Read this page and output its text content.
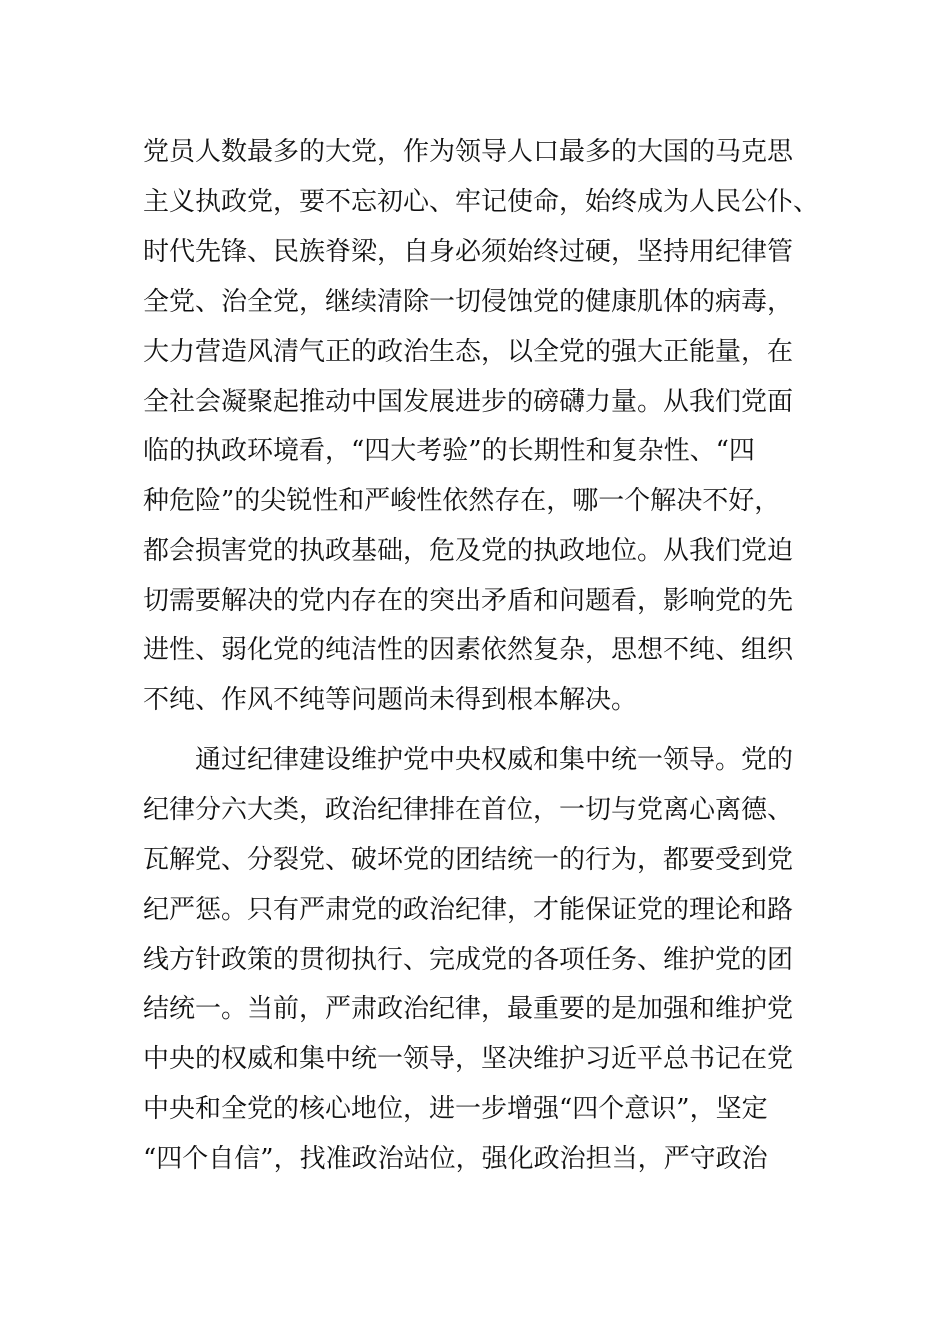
党员人数最多的大党，作为领导人口最多的大国的马克思
主义执政党，要不忘初心、牢记使命，始终成为人民公仆、
时代先锋、民族脊梁，自身必须始终过硬，坚持用纪律管
全党、治全党，继续清除一切侵蚀党的健康肌体的病毒，
大力营造风清气正的政治生态，以全党的强大正能量，在
全社会凝聚起推动中国发展进步的磅礴力量。从我们党面
临的执政环境看，“四大考验”的长期性和复杂性、“四
种危险”的尖锐性和严峻性依然存在，哪一个解决不好，
都会损害党的执政基础，危及党的执政地位。从我们党迫
切需要解决的党内存在的突出矛盾和问题看，影响党的先
进性、弱化党的纯洁性的因素依然复杂，思想不纯、组织
不纯、作风不纯等问题尚未得到根本解决。
通过纪律建设维护党中央权威和集中统一领导。党的
纪律分六大类，政治纪律排在首位，一切与党离心离德、
瓦解党、分裂党、破坏党的团结统一的行为，都要受到党
纪严惩。只有严肃党的政治纪律，才能保证党的理论和路
线方针政策的贯彻执行、完成党的各项任务、维护党的团
结统一。当前，严肃政治纪律，最重要的是加强和维护党
中央的权威和集中统一领导，坚决维护习近平总书记在党
中央和全党的核心地位，进一步增强“四个意识”，坚定
“四个自信”，找准政治站位，强化政治担当，严守政治
